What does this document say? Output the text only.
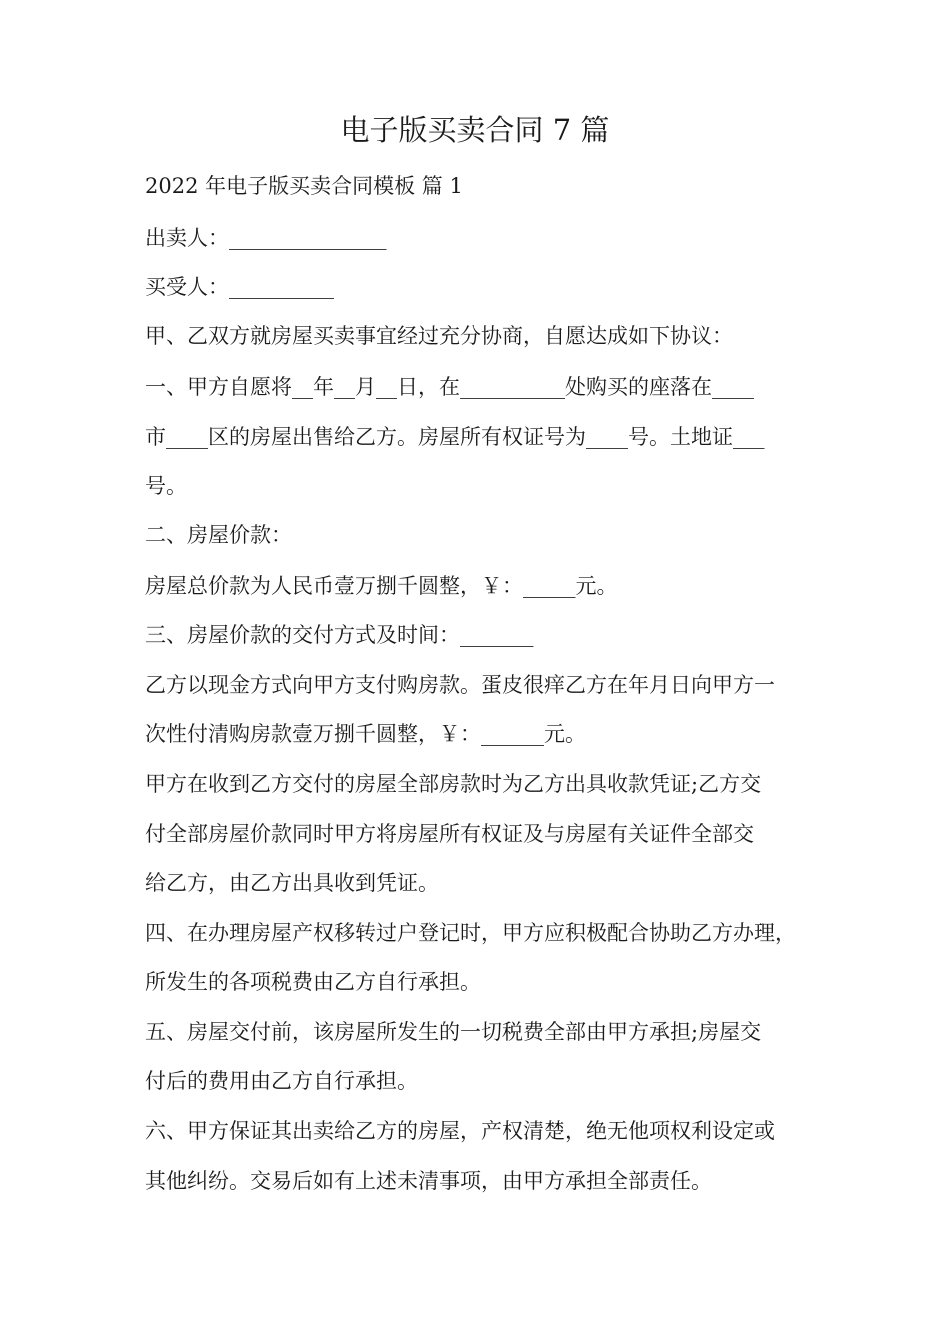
电子版买卖合同 7 篇
2022 年电子版买卖合同模板 篇 1
出卖人：_______________
买受人：__________
甲、乙双方就房屋买卖事宜经过充分协商，自愿达成如下协议：
一、甲方自愿将__年__月__日，在__________处购买的座落在____
市____区的房屋出售给乙方。房屋所有权证号为____号。土地证___
号。
二、房屋价款：
房屋总价款为人民币壹万捌千圆整，￥：_____元。
三、房屋价款的交付方式及时间：_______
乙方以现金方式向甲方支付购房款。蛋皮很痒乙方在年月日向甲方一
次性付清购房款壹万捌千圆整，￥：______元。
甲方在收到乙方交付的房屋全部房款时为乙方出具收款凭证;乙方交
付全部房屋价款同时甲方将房屋所有权证及与房屋有关证件全部交
给乙方，由乙方出具收到凭证。
四、在办理房屋产权移转过户登记时，甲方应积极配合协助乙方办理，
所发生的各项税费由乙方自行承担。
五、房屋交付前，该房屋所发生的一切税费全部由甲方承担;房屋交
付后的费用由乙方自行承担。
六、甲方保证其出卖给乙方的房屋，产权清楚，绝无他项权利设定或
其他纠纷。交易后如有上述未清事项，由甲方承担全部责任。
